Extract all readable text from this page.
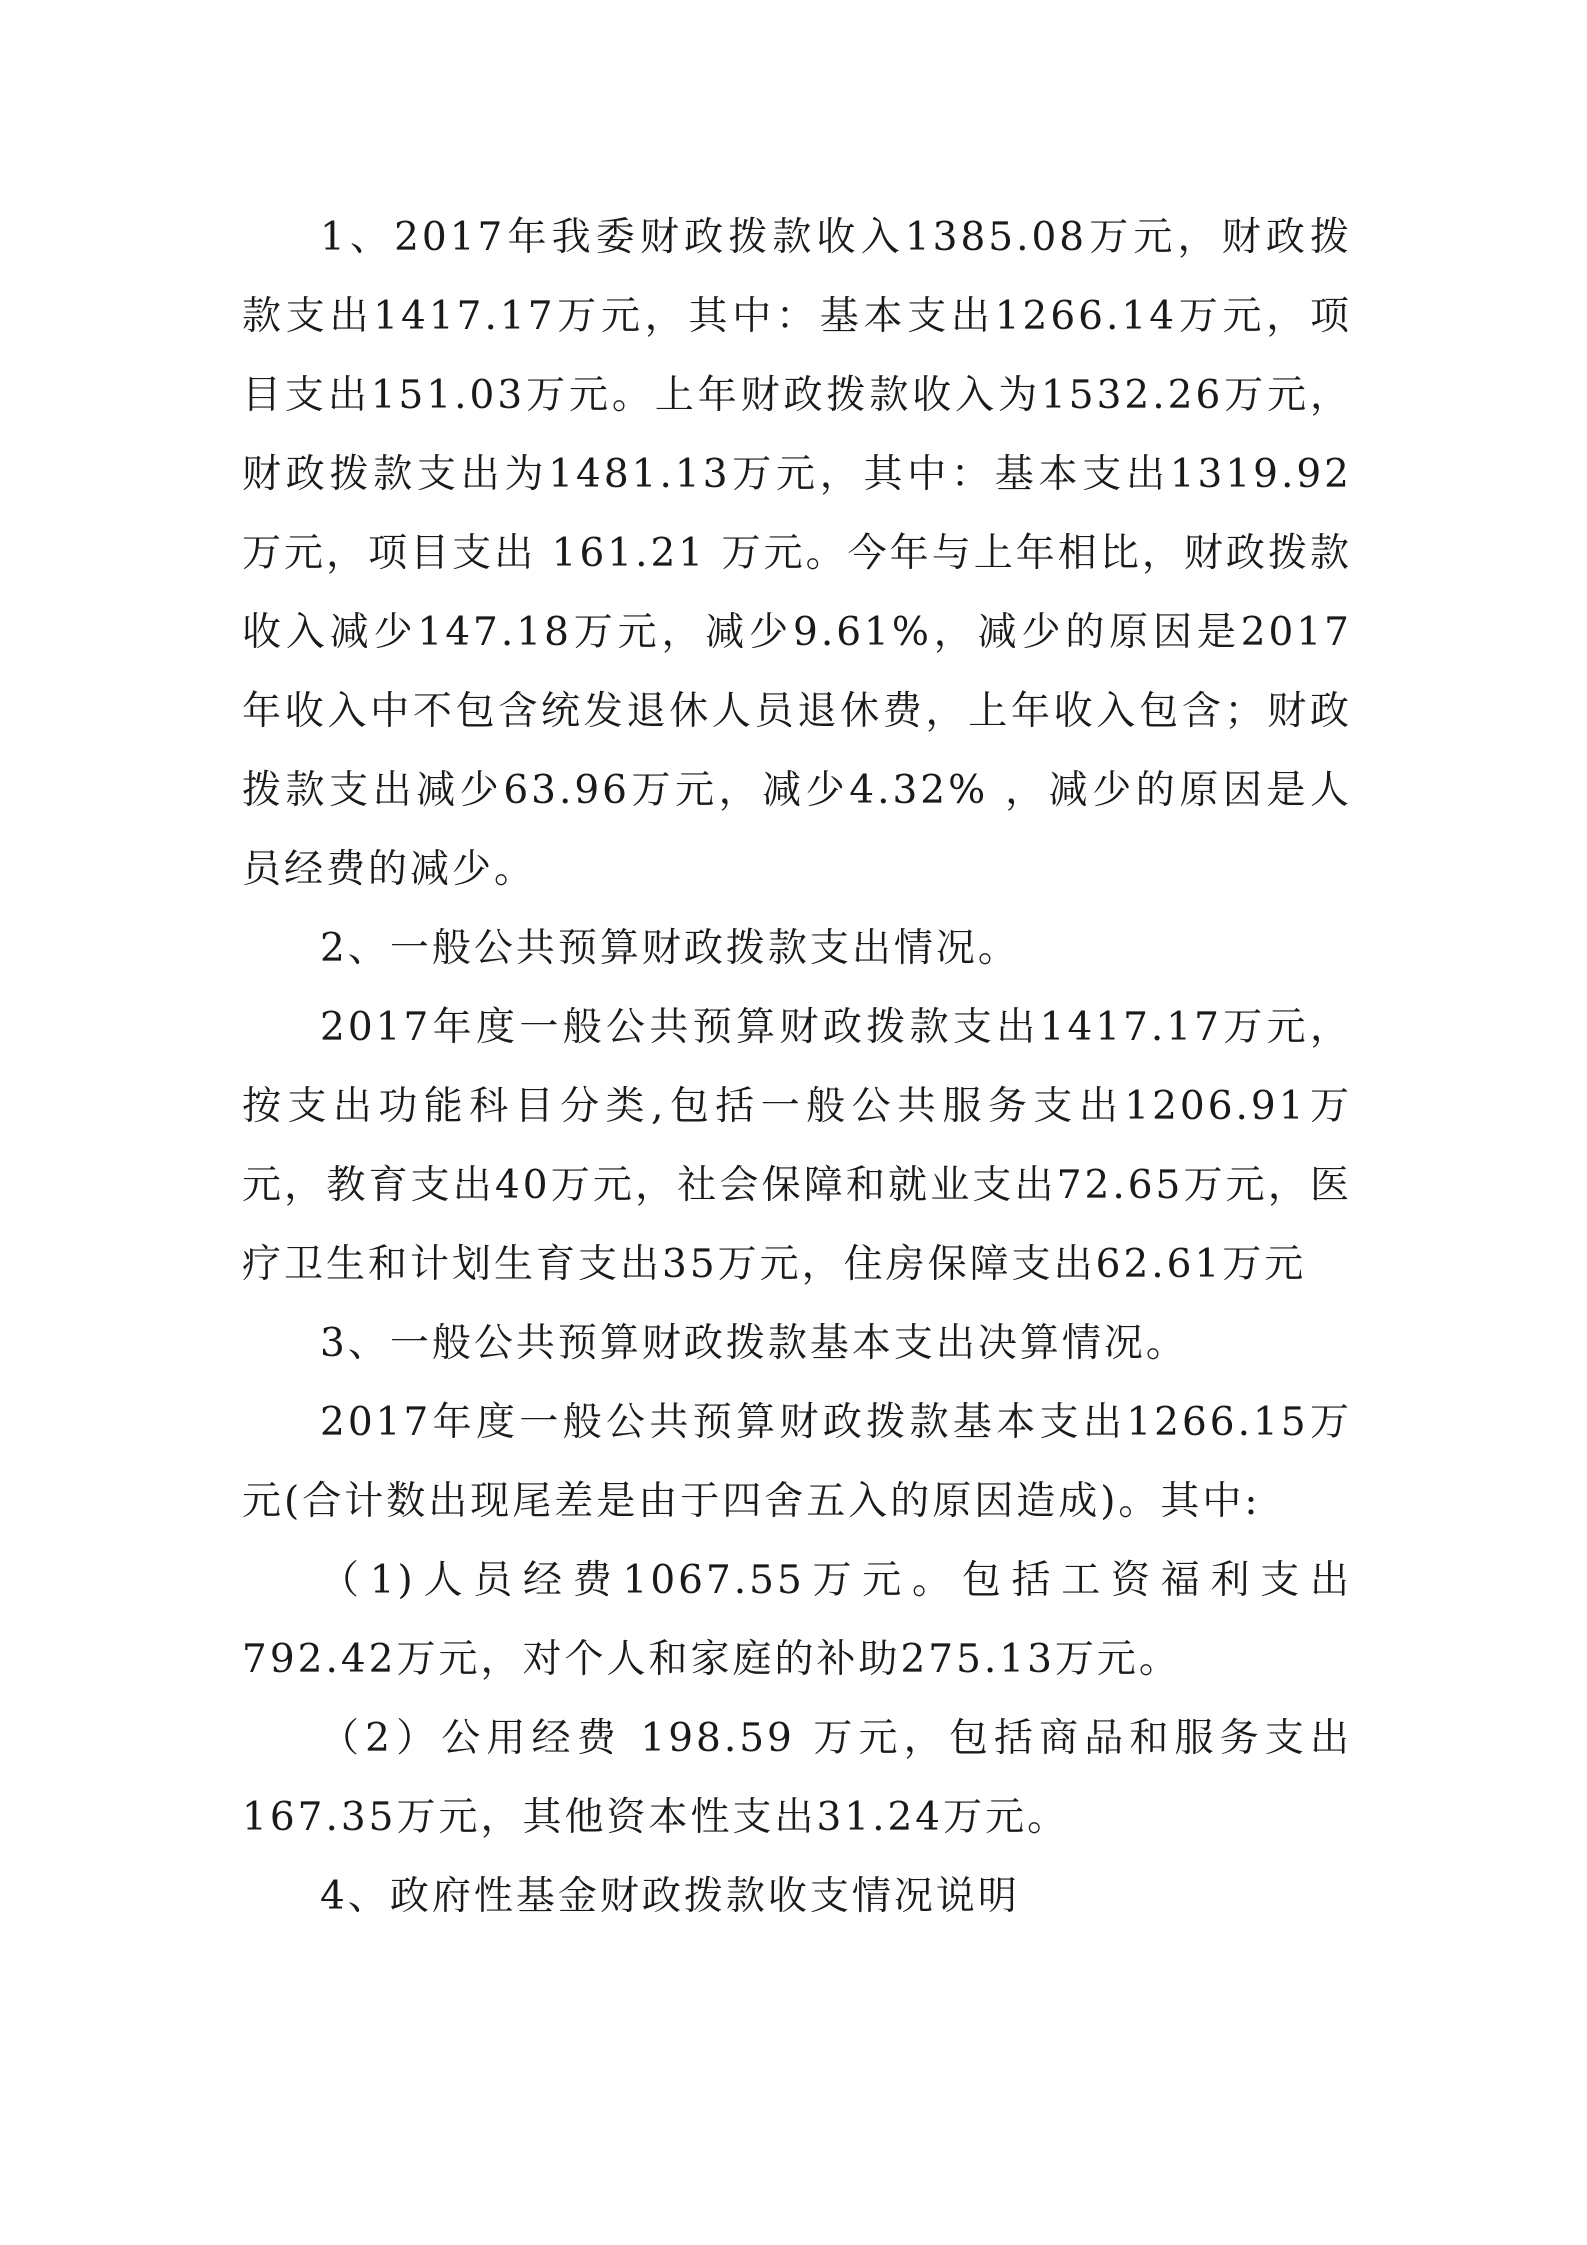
1、2017年我委财政拨款收入1385.08万元，财政拨款支出1417.17万元，其中：基本支出1266.14万元，项目支出151.03万元。上年财政拨款收入为1532.26万元，财政拨款支出为1481.13万元，其中：基本支出1319.92万元，项目支出 161.21 万元。今年与上年相比，财政拨款收入减少147.18万元，减少9.61%，减少的原因是2017年收入中不包含统发退休人员退休费，上年收入包含；财政拨款支出减少63.96万元，减少4.32% ，减少的原因是人员经费的减少。

2、一般公共预算财政拨款支出情况。

2017年度一般公共预算财政拨款支出1417.17万元，按支出功能科目分类,包括一般公共服务支出1206.91万元，教育支出40万元，社会保障和就业支出72.65万元，医疗卫生和计划生育支出35万元，住房保障支出62.61万元

3、一般公共预算财政拨款基本支出决算情况。

2017年度一般公共预算财政拨款基本支出1266.15万元(合计数出现尾差是由于四舍五入的原因造成)。其中:

（1)人员经费1067.55万元。包括工资福利支出792.42万元，对个人和家庭的补助275.13万元。

（2）公用经费 198.59 万元，包括商品和服务支出167.35万元，其他资本性支出31.24万元。

4、政府性基金财政拨款收支情况说明
